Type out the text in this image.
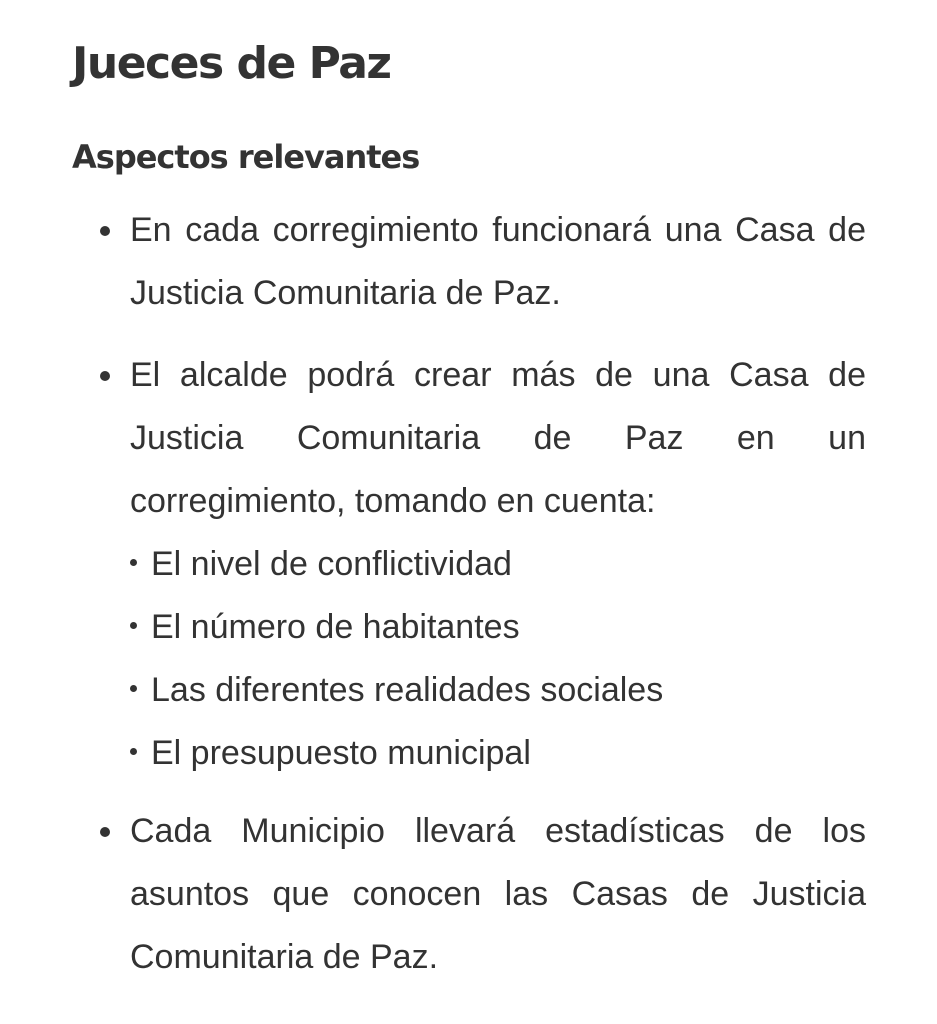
Jueces de Paz
Aspectos relevantes
En cada corregimiento funcionará una Casa de Justicia Comunitaria de Paz.
El alcalde podrá crear más de una Casa de Justicia Comunitaria de Paz en un corregimiento, tomando en cuenta:
El nivel de conflictividad
El número de habitantes
Las diferentes realidades sociales
El presupuesto municipal
Cada Municipio llevará estadísticas de los asuntos que conocen las Casas de Justicia Comunitaria de Paz.
